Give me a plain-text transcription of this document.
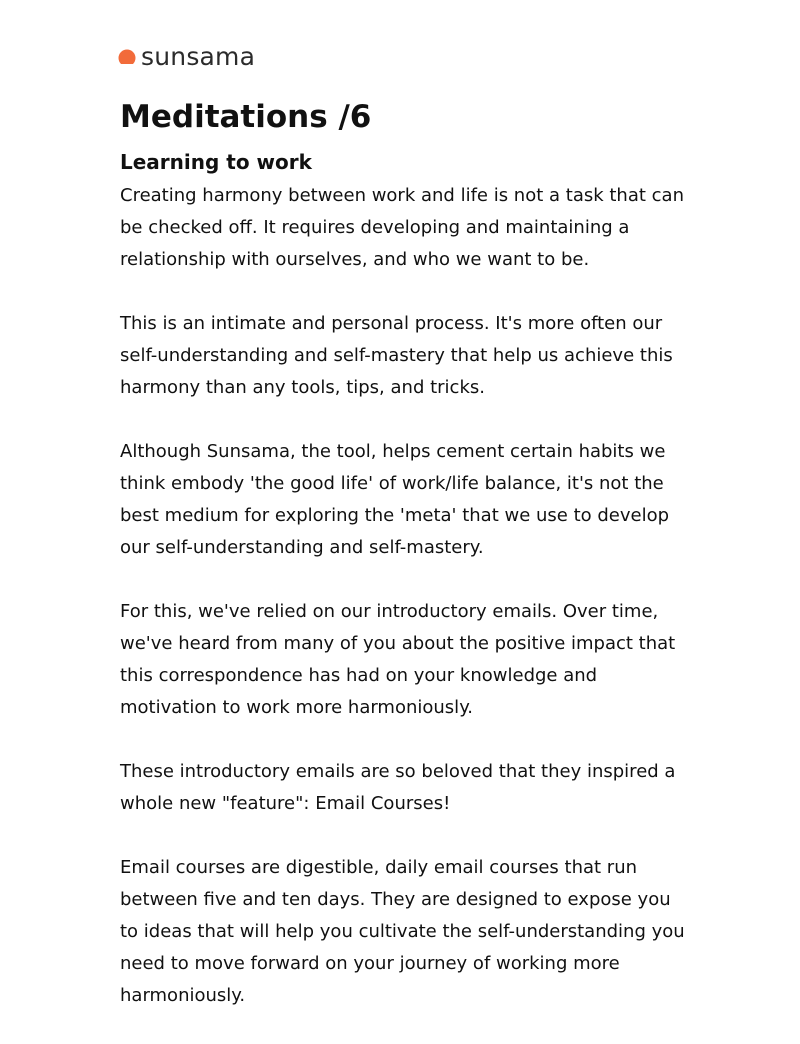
sunsama
Meditations /6
Learning to work

Creating harmony between work and life is not a task that can be checked off. It requires developing and maintaining a relationship with ourselves, and who we want to be.

This is an intimate and personal process. It's more often our self-understanding and self-mastery that help us achieve this harmony than any tools, tips, and tricks.

Although Sunsama, the tool, helps cement certain habits we think embody 'the good life' of work/life balance, it's not the best medium for exploring the 'meta' that we use to develop our self-understanding and self-mastery.

For this, we've relied on our introductory emails. Over time, we've heard from many of you about the positive impact that this correspondence has had on your knowledge and motivation to work more harmoniously.

These introductory emails are so beloved that they inspired a whole new "feature": Email Courses!

Email courses are digestible, daily email courses that run between five and ten days. They are designed to expose you to ideas that will help you cultivate the self-understanding you need to move forward on your journey of working more harmoniously.
